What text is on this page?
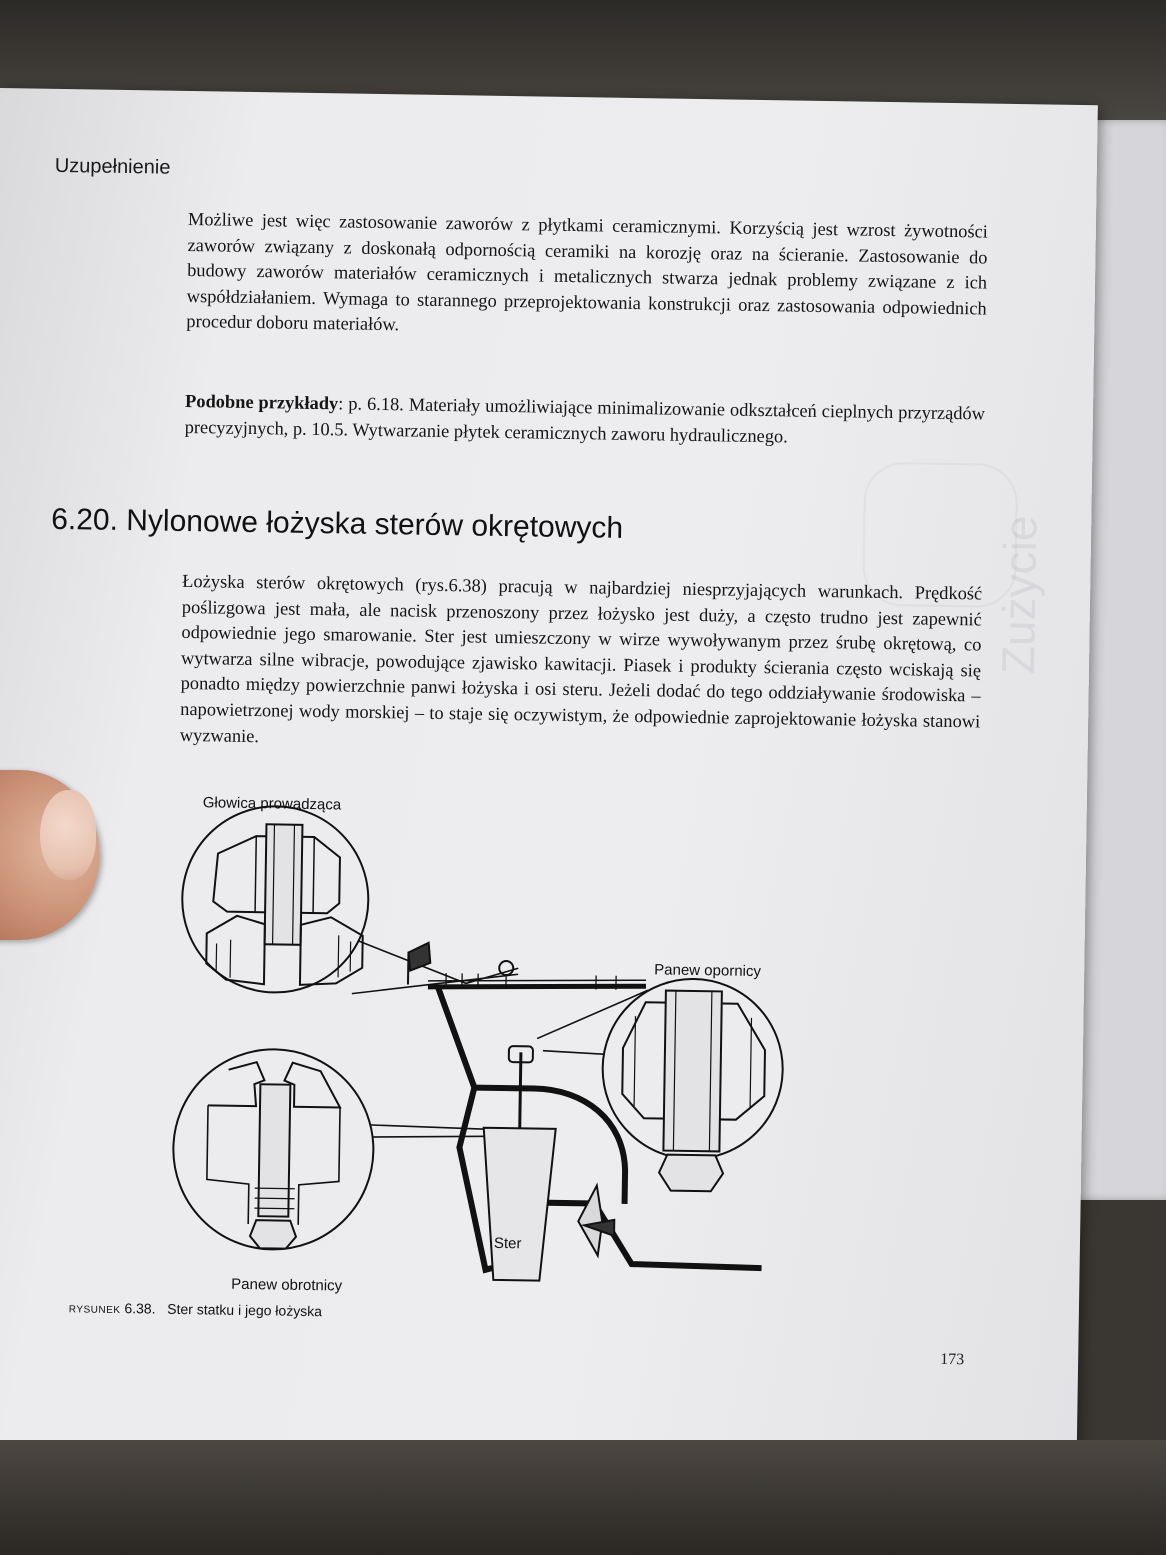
Zużycie
Uzupełnienie

Możliwe jest więc zastosowanie zaworów z płytkami ceramicznymi. Korzyścią jest wzrost żywotności zaworów związany z doskonałą odpornością ceramiki na korozję oraz na ścieranie. Zastosowanie do budowy zaworów materiałów ceramicznych i metalicznych stwarza jednak problemy związane z ich współdziałaniem. Wymaga to starannego przeprojektowania konstrukcji oraz zastosowania odpowiednich procedur doboru materiałów.

Podobne przykłady: p. 6.18. Materiały umożliwiające minimalizowanie odkształceń cieplnych przyrządów precyzyjnych, p. 10.5. Wytwarzanie płytek ceramicznych zaworu hydraulicznego.

6.20. Nylonowe łożyska sterów okrętowych

Łożyska sterów okrętowych (rys.6.38) pracują w najbardziej niesprzyjających warunkach. Prędkość poślizgowa jest mała, ale nacisk przenoszony przez łożysko jest duży, a często trudno jest zapewnić odpowiednie jego smarowanie. Ster jest umieszczony w wirze wywoływanym przez śrubę okrętową, co wytwarza silne wibracje, powodujące zjawisko kawitacji. Piasek i produkty ścierania często wciskają się ponadto między powierzchnie panwi łożyska i osi steru. Jeżeli dodać do tego oddziaływanie środowiska – napowietrzonej wody morskiej – to staje się oczywistym, że odpowiednie zaprojektowanie łożyska stanowi wyzwanie.

Głowica prowadząca
Panew opornicy
Ster
Panew obrotnicy
RYSUNEK 6.38. Ster statku i jego łożyska
173
